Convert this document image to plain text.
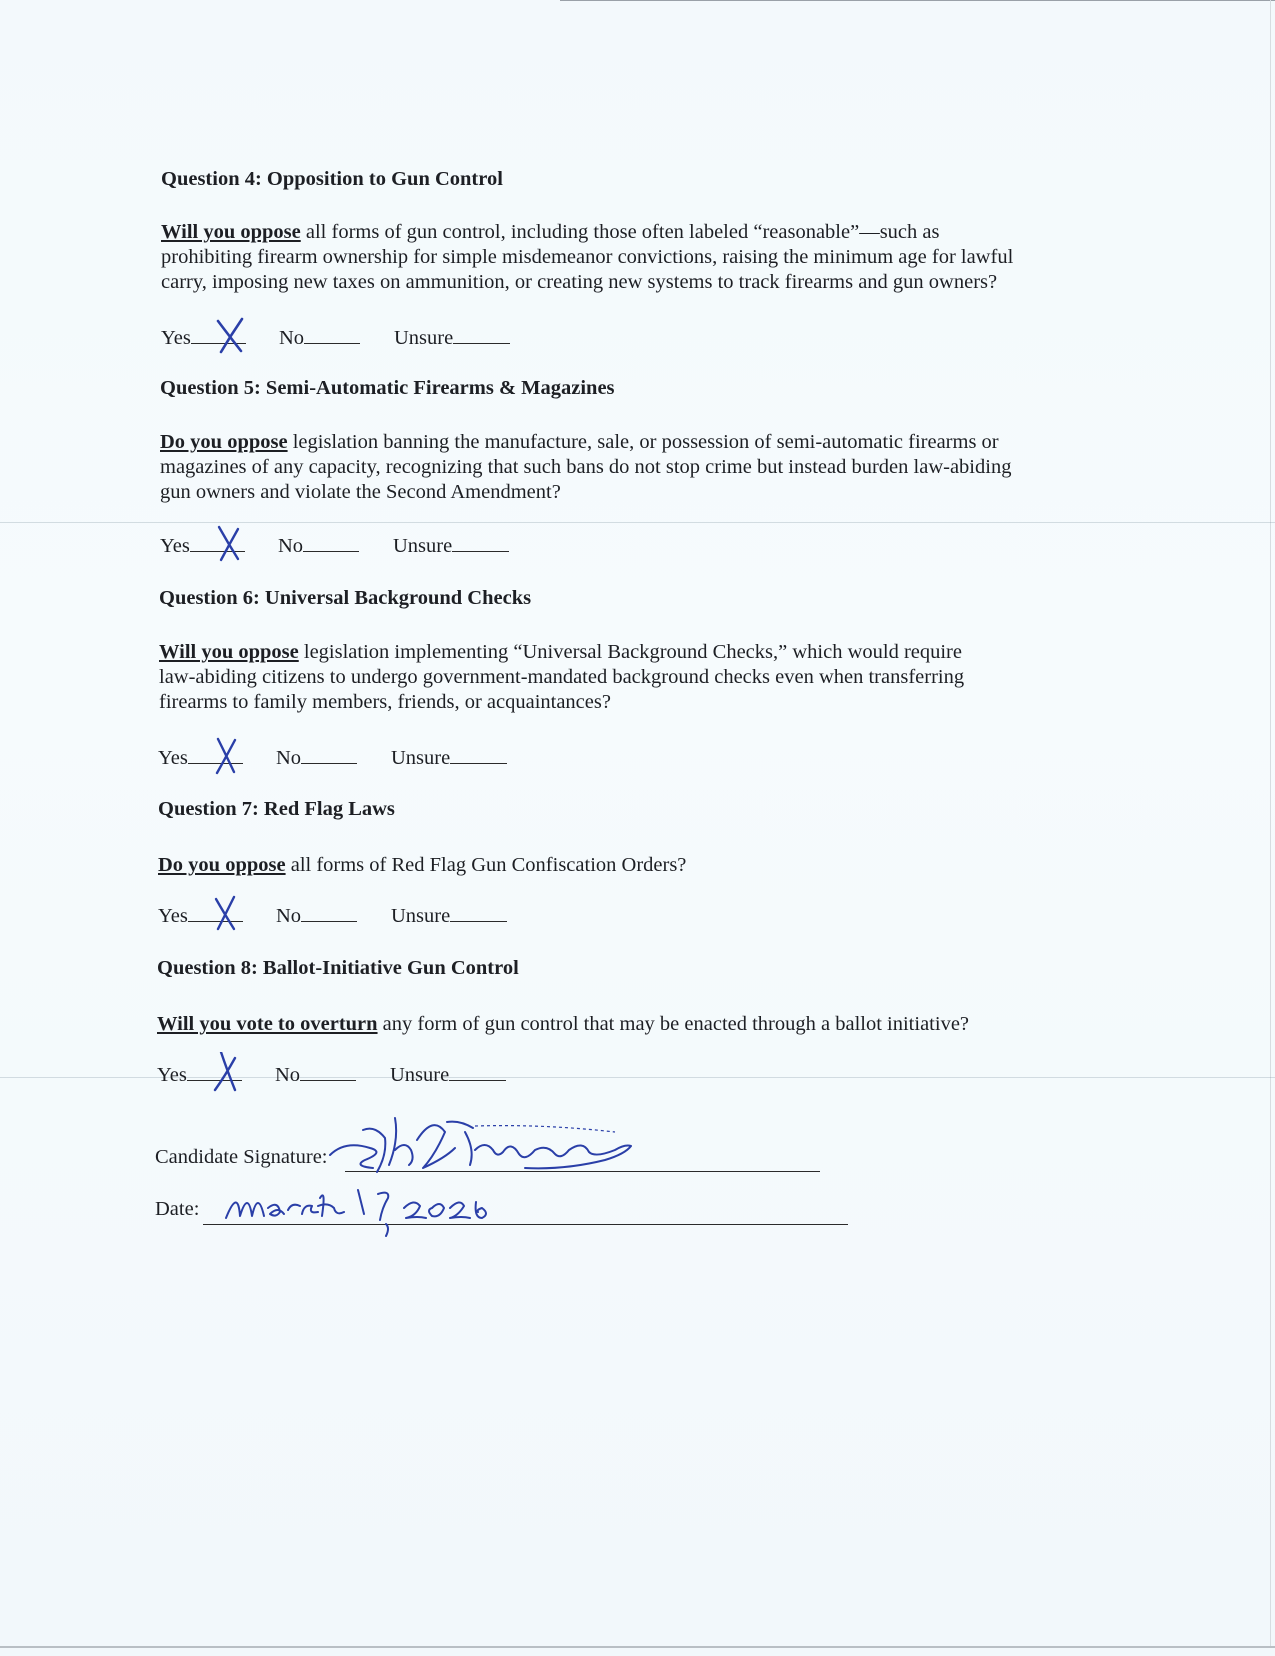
Question 4: Opposition to Gun Control
Will you oppose all forms of gun control, including those often labeled “reasonable”—such as
prohibiting firearm ownership for simple misdemeanor convictions, raising the minimum age for lawful
carry, imposing new taxes on ammunition, or creating new systems to track firearms and gun owners?
Yes	No	Unsure
Question 5: Semi-Automatic Firearms & Magazines
Do you oppose legislation banning the manufacture, sale, or possession of semi-automatic firearms or
magazines of any capacity, recognizing that such bans do not stop crime but instead burden law-abiding
gun owners and violate the Second Amendment?
Yes	No	Unsure
Question 6: Universal Background Checks
Will you oppose legislation implementing “Universal Background Checks,” which would require
law-abiding citizens to undergo government-mandated background checks even when transferring
firearms to family members, friends, or acquaintances?
Yes	No	Unsure
Question 7: Red Flag Laws
Do you oppose all forms of Red Flag Gun Confiscation Orders?
Yes	No	Unsure
Question 8: Ballot-Initiative Gun Control
Will you vote to overturn any form of gun control that may be enacted through a ballot initiative?
Yes	No	Unsure
Candidate Signature:
Date:
